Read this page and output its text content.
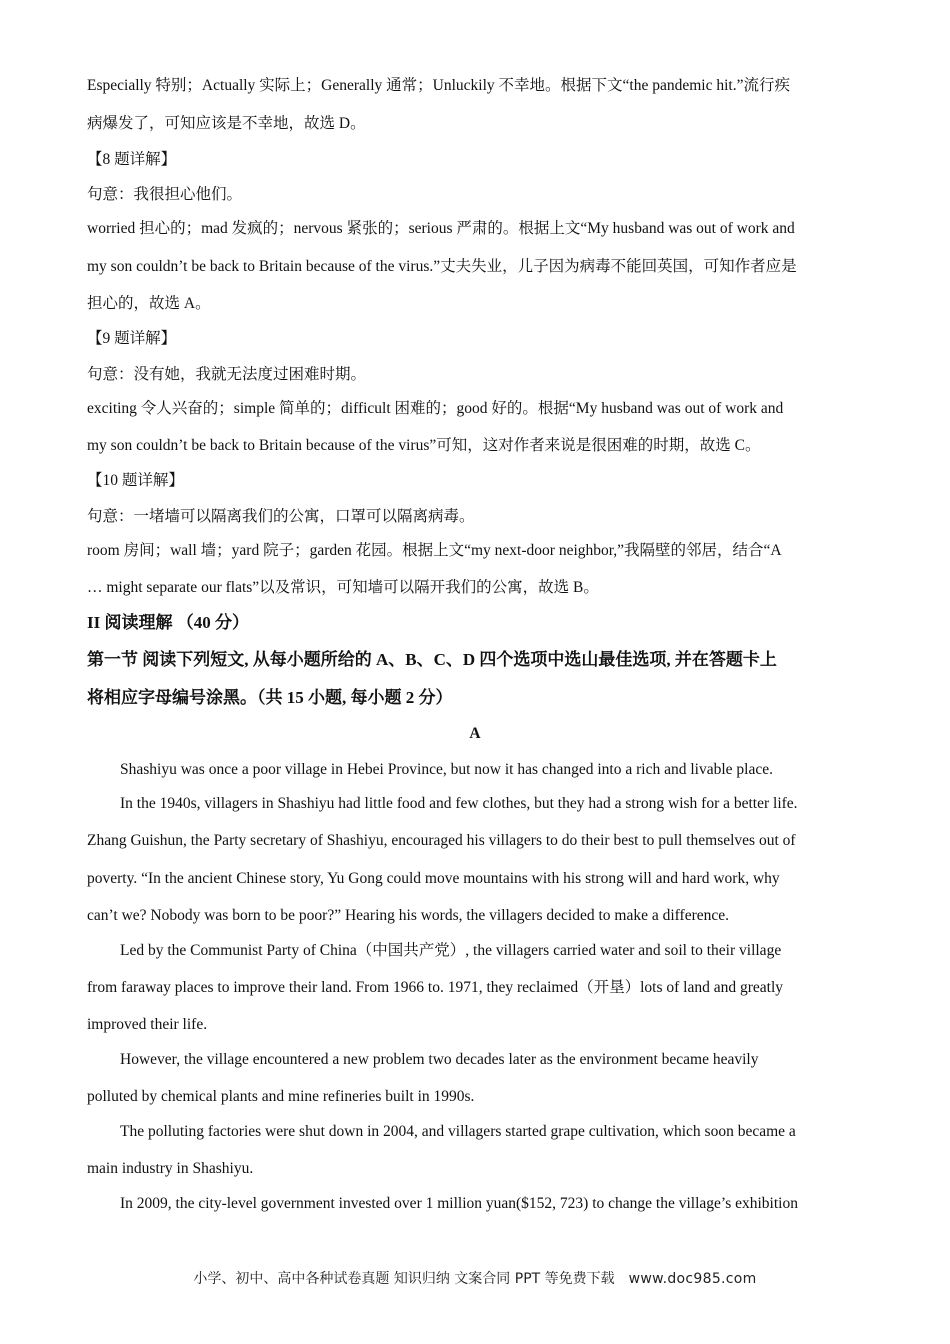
Especially 特别；Actually 实际上；Generally 通常；Unluckily 不幸地。根据下文“the pandemic hit.”流行疾
病爆发了，可知应该是不幸地，故选 D。
【8 题详解】
句意：我很担心他们。
worried 担心的；mad 发疯的；nervous 紧张的；serious 严肃的。根据上文“My husband was out of work and
my son couldn’t be back to Britain because of the virus.”丈夫失业，儿子因为病毒不能回英国，可知作者应是
担心的，故选 A。
【9 题详解】
句意：没有她，我就无法度过困难时期。
exciting 令人兴奋的；simple 简单的；difficult 困难的；good 好的。根据“My husband was out of work and
my son couldn’t be back to Britain because of the virus”可知，这对作者来说是很困难的时期，故选 C。
【10 题详解】
句意：一堵墙可以隔离我们的公寓，口罩可以隔离病毒。
room 房间；wall 墙；yard 院子；garden 花园。根据上文“my next-door neighbor,”我隔壁的邻居，结合“A
… might separate our flats”以及常识，可知墙可以隔开我们的公寓，故选 B。
II 阅读理解 （40 分）
第一节 阅读下列短文, 从每小题所给的 A、B、C、D 四个选项中选山最佳选项, 并在答题卡上
将相应字母编号涂黑。（共 15 小题, 每小题 2 分）
A
Shashiyu was once a poor village in Hebei Province, but now it has changed into a rich and livable place.
In the 1940s, villagers in Shashiyu had little food and few clothes, but they had a strong wish for a better life.
Zhang Guishun, the Party secretary of Shashiyu, encouraged his villagers to do their best to pull themselves out of
poverty. “In the ancient Chinese story, Yu Gong could move mountains with his strong will and hard work, why
can’t we? Nobody was born to be poor?” Hearing his words, the villagers decided to make a difference.
Led by the Communist Party of China（中国共产党）, the villagers carried water and soil to their village
from faraway places to improve their land. From 1966 to. 1971, they reclaimed（开垦）lots of land and greatly
improved their life.
However, the village encountered a new problem two decades later as the environment became heavily
polluted by chemical plants and mine refineries built in 1990s.
The polluting factories were shut down in 2004, and villagers started grape cultivation, which soon became a
main industry in Shashiyu.
In 2009, the city-level government invested over 1 million yuan($152, 723) to change the village’s exhibition
小学、初中、高中各种试卷真题 知识归纳 文案合同 PPT 等免费下载 www.doc985.com
